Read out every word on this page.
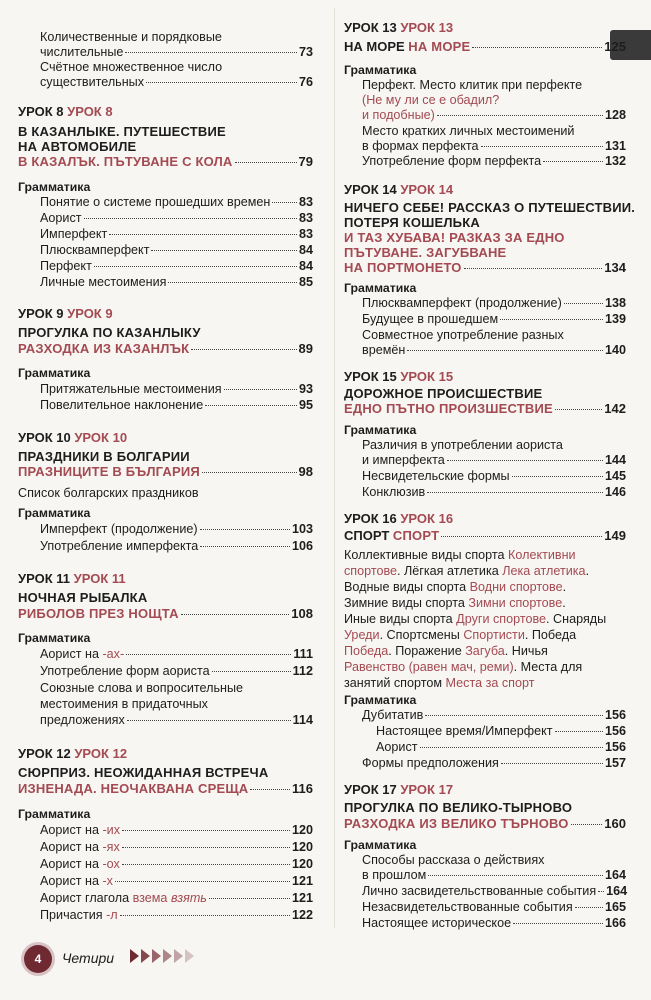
Количественные и порядковые
числительные	73
Счётное множественное число
существительных	76
УРОК 8 УРОК 8
В КАЗАНЛЫКЕ. ПУТЕШЕСТВИЕ
НА АВТОМОБИЛЕ
В КАЗАЛЪК. ПЪТУВАНЕ С КОЛА	79
Грамматика
Понятие о системе прошедших времен 83
Аорист	83
Имперфект	83
Плюсквамперфект	84
Перфект	84
Личные местоимения	85
УРОК 9 УРОК 9
ПРОГУЛКА ПО КАЗАНЛЫКУ
РАЗХОДКА ИЗ КАЗАНЛЪК	89
Грамматика
Притяжательные местоимения	93
Повелительное наклонение	95
УРОК 10 УРОК 10
ПРАЗДНИКИ В БОЛГАРИИ
ПРАЗНИЦИТЕ В БЪЛГАРИЯ	98
Список болгарских праздников
Грамматика
Имперфект (продолжение)	103
Употребление имперфекта	106
УРОК 11 УРОК 11
НОЧНАЯ РЫБАЛКА
РИБОЛОВ ПРЕЗ НОЩТА	108
Грамматика
Аорист на -ах-	111
Употребление форм аориста	112
Союзные слова и вопросительные
местоимения в придаточных
предложениях	114
УРОК 12 УРОК 12
СЮРПРИЗ. НЕОЖИДАННАЯ ВСТРЕЧА
ИЗНЕНАДА. НЕОЧАКВАНА СРЕЩА	116
Грамматика
Аорист на -их	120
Аорист на -ях	120
Аорист на -ох	120
Аорист на -х	121
Аорист глагола взема взять	121
Причастия -л	122
УРОК 13 УРОК 13
НА МОРЕ НА МОРЕ	125
Грамматика
Перфект. Место клитик при перфекте
(Не му ли се е обадил?
и подобные)	128
Место кратких личных местоимений
в формах перфекта	131
Употребление форм перфекта	132
УРОК 14 УРОК 14
НИЧЕГО СЕБЕ! РАССКАЗ О ПУТЕШЕСТВИИ.
ПОТЕРЯ КОШЕЛЬКА
И ТАЗ ХУБАВА! РАЗКАЗ ЗА ЕДНО
ПЪТУВАНЕ. ЗАГУБВАНЕ
НА ПОРТМОНЕТО	134
Грамматика
Плюсквамперфект (продолжение)	138
Будущее в прошедшем	139
Совместное употребление разных
времён	140
УРОК 15 УРОК 15
ДОРОЖНОЕ ПРОИСШЕСТВИЕ
ЕДНО ПЪТНО ПРОИЗШЕСТВИЕ	142
Грамматика
Различия в употреблении аориста
и имперфекта	144
Несвидетельские формы	145
Конклюзив	146
УРОК 16 УРОК 16
СПОРТ СПОРТ	149
Коллективные виды спорта Колективни
спортове. Лёгкая атлетика Лека атлетика.
Водные виды спорта Водни спортове.
Зимние виды спорта Зимни спортове.
Иные виды спорта Други спортове. Снаряды
Уреди. Спортсмены Спортисти. Победа
Победа. Поражение Загуба. Ничья
Равенство (равен мач, реми). Места для
занятий спортом Места за спорт
Грамматика
Дубитатив	156
Настоящее время/Имперфект	156
Аорист	156
Формы предположения	157
УРОК 17 УРОК 17
ПРОГУЛКА ПО ВЕЛИКО-ТЫРНОВО
РАЗХОДКА ИЗ ВЕЛИКО ТЪРНОВО	160
Грамматика
Способы рассказа о действиях
в прошлом	164
Лично засвидетельствованные события 164
Незасвидетельствованные события	165
Настоящее историческое	166
4	Четири
